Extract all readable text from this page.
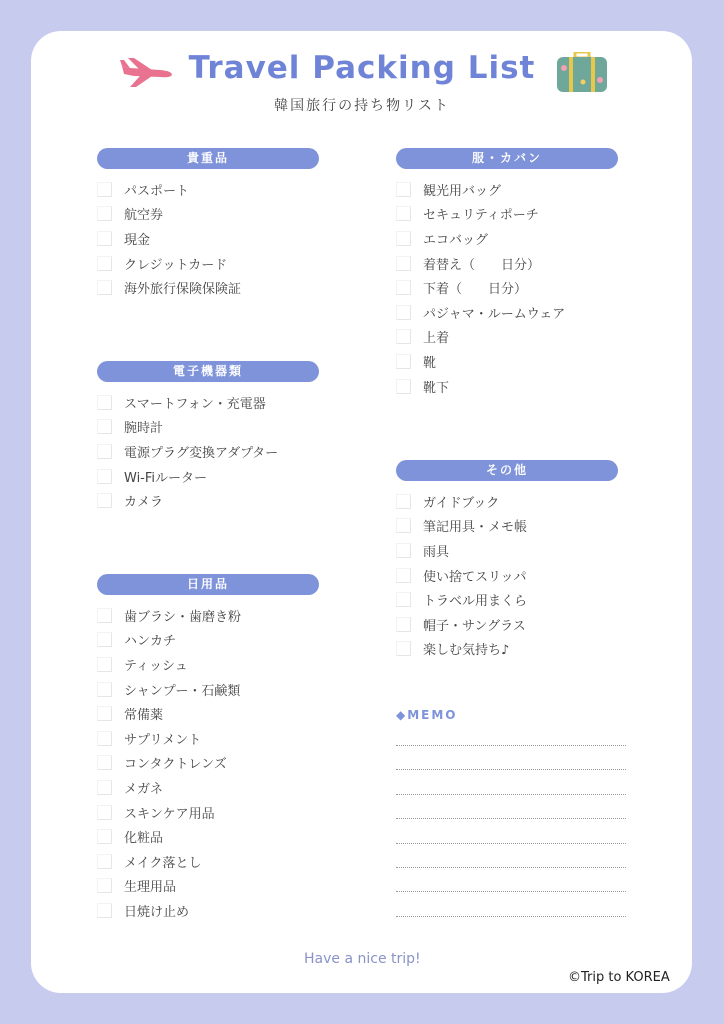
Travel Packing List
韓国旅行の持ち物リスト
貴重品
パスポート
航空券
現金
クレジットカード
海外旅行保険保険証
電子機器類
スマートフォン・充電器
腕時計
電源プラグ変換アダプター
Wi-Fiルーター
カメラ
日用品
歯ブラシ・歯磨き粉
ハンカチ
ティッシュ
シャンプー・石鹸類
常備薬
サプリメント
コンタクトレンズ
メガネ
スキンケア用品
化粧品
メイク落とし
生理用品
日焼け止め
服・カバン
観光用バッグ
セキュリティポーチ
エコバッグ
着替え（　　日分）
下着（　　日分）
パジャマ・ルームウェア
上着
靴
靴下
その他
ガイドブック
筆記用具・メモ帳
雨具
使い捨てスリッパ
トラベル用まくら
帽子・サングラス
楽しむ気持ち♪
◆MEMO
Have a nice trip!
©Trip to KOREA
